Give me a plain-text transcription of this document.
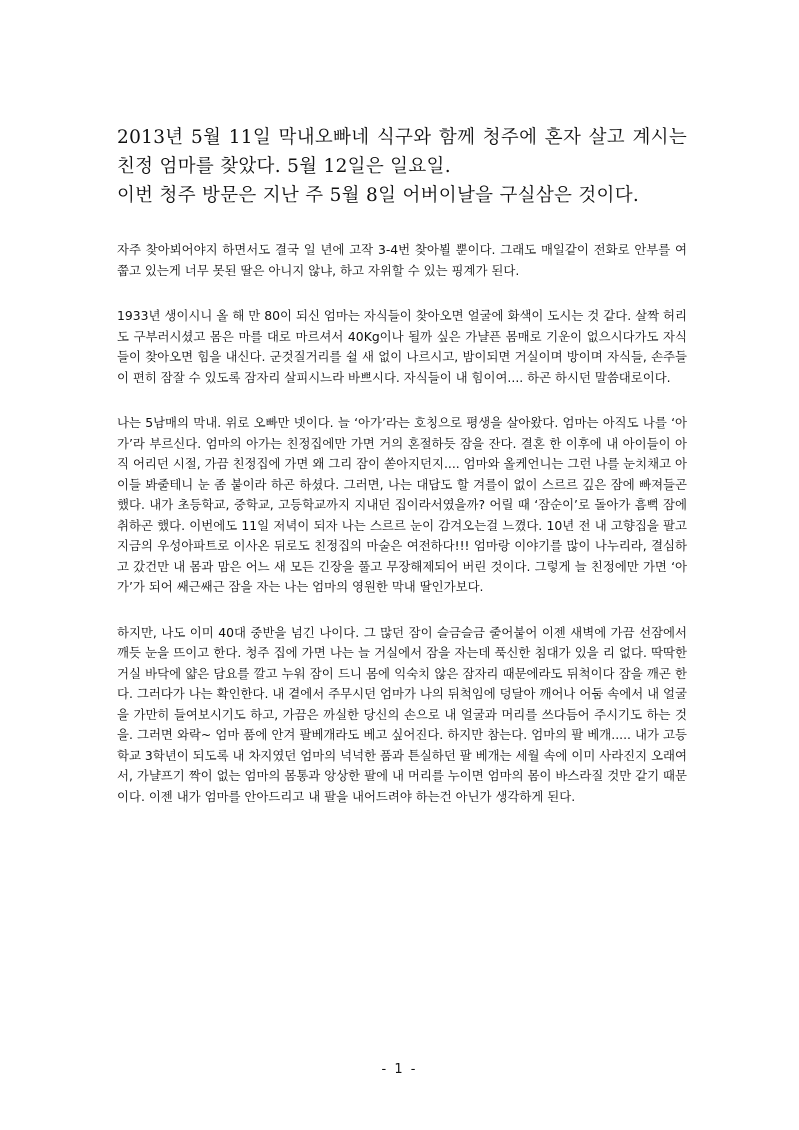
2013년 5월 11일 막내오빠네 식구와 함께 청주에 혼자 살고 계시는 친정 엄마를 찾았다. 5월 12일은 일요일.

이번 청주 방문은 지난 주 5월 8일 어버이날을 구실삼은 것이다.

자주 찾아뵈어야지 하면서도 결국 일 년에 고작 3-4번 찾아뵐 뿐이다. 그래도 매일같이 전화로 안부를 여쭙고 있는게 너무 못된 딸은 아니지 않냐, 하고 자위할 수 있는 핑계가 된다.

1933년 생이시니 올 해 만 80이 되신 엄마는 자식들이 찾아오면 얼굴에 화색이 도시는 것 같다. 살짝 허리도 구부러시셨고 몸은 마를 대로 마르셔서 40Kg이나 될까 싶은 가냘픈 몸매로 기운이 없으시다가도 자식들이 찾아오면 힘을 내신다. 군것질거리를 쉴 새 없이 나르시고, 밤이되면 거실이며 방이며 자식들, 손주들이 편히 잠잘 수 있도록 잠자리 살피시느라 바쁘시다. 자식들이 내 힘이여.... 하곤 하시던 말씀대로이다.

나는 5남매의 막내. 위로 오빠만 넷이다. 늘 ‘아가’라는 호칭으로 평생을 살아왔다. 엄마는 아직도 나를 ‘아가’라 부르신다. 엄마의 아가는 친정집에만 가면 거의 혼절하듯 잠을 잔다. 결혼 한 이후에 내 아이들이 아직 어리던 시절, 가끔 친정집에 가면 왜 그리 잠이 쏟아지던지.... 엄마와 올케언니는 그런 나를 눈치채고 아이들 봐줄테니 눈 좀 붙이라 하곤 하셨다. 그러면, 나는 대답도 할 겨를이 없이 스르르 깊은 잠에 빠져들곤 했다. 내가 초등학교, 중학교, 고등학교까지 지내던 집이라서였을까? 어릴 때 ‘잠순이’로 돌아가 흠뻑 잠에 취하곤 했다. 이번에도 11일 저녁이 되자 나는 스르르 눈이 감겨오는걸 느꼈다. 10년 전 내 고향집을 팔고 지금의 우성아파트로 이사온 뒤로도 친정집의 마술은 여전하다!!! 엄마랑 이야기를 많이 나누리라, 결심하고 갔건만 내 몸과 맘은 어느 새 모든 긴장을 풀고 무장해제되어 버린 것이다. 그렇게 늘 친정에만 가면 ‘아가’가 되어 쌔근쌔근 잠을 자는 나는 엄마의 영원한 막내 딸인가보다.

하지만, 나도 이미 40대 중반을 넘긴 나이다. 그 많던 잠이 슬금슬금 줄어붙어 이젠 새벽에 가끔 선잠에서 깨듯 눈을 뜨이고 한다. 청주 집에 가면 나는 늘 거실에서 잠을 자는데 푹신한 침대가 있을 리 없다. 딱딱한 거실 바닥에 얇은 담요를 깔고 누워 잠이 드니 몸에 익숙치 않은 잠자리 때문에라도 뒤척이다 잠을 깨곤 한다. 그러다가 나는 확인한다. 내 곁에서 주무시던 엄마가 나의 뒤척임에 덩달아 깨어나 어둠 속에서 내 얼굴을 가만히 들여보시기도 하고, 가끔은 까실한 당신의 손으로 내 얼굴과 머리를 쓰다듬어 주시기도 하는 것을. 그러면 와락~ 엄마 품에 안겨 팔베개라도 베고 싶어진다. 하지만 참는다. 엄마의 팔 베개..... 내가 고등학교 3학년이 되도록 내 차지였던 엄마의 넉넉한 품과 튼실하던 팔 베개는 세월 속에 이미 사라진지 오래여서, 가냘프기 짝이 없는 엄마의 몸통과 앙상한 팔에 내 머리를 누이면 엄마의 몸이 바스라질 것만 같기 때문이다. 이젠 내가 엄마를 안아드리고 내 팔을 내어드려야 하는건 아닌가 생각하게 된다.

- 1 -
